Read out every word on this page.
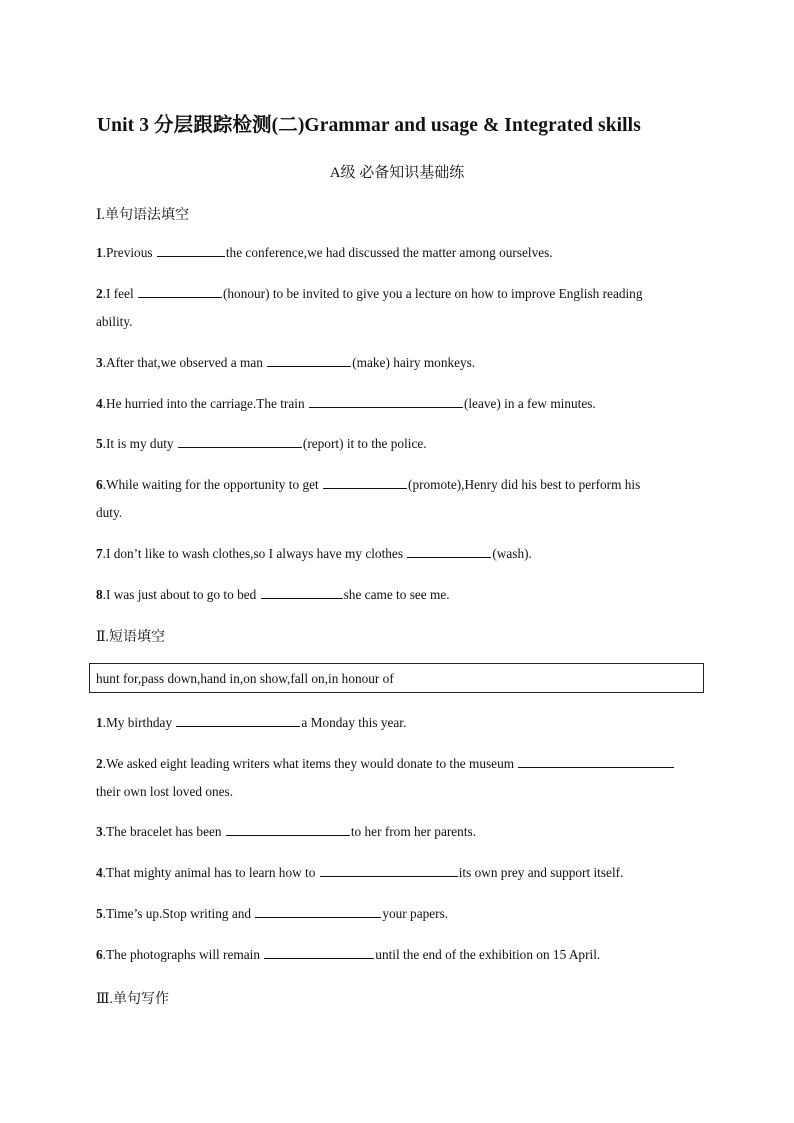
Unit 3 分层跟踪检测(二)Grammar and usage & Integrated skills
A级 必备知识基础练
Ⅰ.单句语法填空
1.Previous	the conference,we had discussed the matter among ourselves.
2.I feel	(honour) to be invited to give you a lecture on how to improve English reading
ability.
3.After that,we observed a man	(make) hairy monkeys.
4.He hurried into the carriage.The train	(leave) in a few minutes.
5.It is my duty	(report) it to the police.
6.While waiting for the opportunity to get	(promote),Henry did his best to perform his
duty.
7.I don’t like to wash clothes,so I always have my clothes	(wash).
8.I was just about to go to bed	she came to see me.
Ⅱ.短语填空
hunt for,pass down,hand in,on show,fall on,in honour of
1.My birthday	a Monday this year.
2.We asked eight leading writers what items they would donate to the museum
their own lost loved ones.
3.The bracelet has been	to her from her parents.
4.That mighty animal has to learn how to	its own prey and support itself.
5.Time’s up.Stop writing and	your papers.
6.The photographs will remain	until the end of the exhibition on 15 April.
Ⅲ.单句写作
